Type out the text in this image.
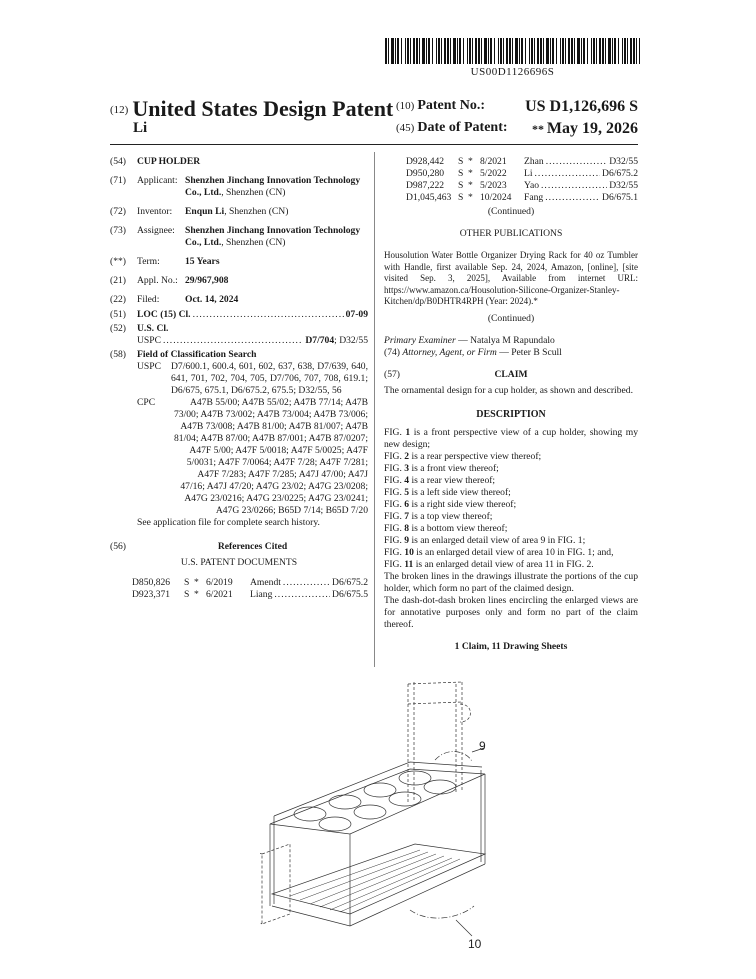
US00D1126696S
(12) United States Design Patent
Li
(10) Patent No.:	US D1,126,696 S
(45) Date of Patent: ** May 19, 2026
(54)	CUP HOLDER
(71)	Applicant: Shenzhen Jinchang Innovation Technology Co., Ltd., Shenzhen (CN)
(72)	Inventor:	Enqun Li, Shenzhen (CN)
(73)	Assignee:	Shenzhen Jinchang Innovation Technology Co., Ltd., Shenzhen (CN)
(**)	Term:	15 Years
(21)	Appl. No.: 29/967,908
(22)	Filed:	Oct. 14, 2024
(51)	LOC (15) Cl. .....	07-09
(52)	U.S. Cl.
USPC .....	D7/704; D32/55
(58)	Field of Classification Search
USPC	D7/600.1, 600.4, 601, 602, 637, 638, D7/639, 640, 641, 701, 702, 704, 705, D7/706, 707, 708, 619.1; D6/675, 675.1, D6/675.2, 675.5; D32/55, 56
CPC	A47B 55/00; A47B 55/02; A47B 77/14; A47B 73/00; A47B 73/002; A47B 73/004; A47B 73/006; A47B 73/008; A47B 81/00; A47B 81/007; A47B 81/04; A47B 87/00; A47B 87/001; A47B 87/0207; A47F 5/00; A47F 5/0018; A47F 5/0025; A47F 5/0031; A47F 7/0064; A47F 7/28; A47F 7/281; A47F 7/283; A47F 7/285; A47J 47/00; A47J 47/16; A47J 47/20; A47G 23/02; A47G 23/0208; A47G 23/0216; A47G 23/0225; A47G 23/0241; A47G 23/0266; B65D 7/14; B65D 7/20
See application file for complete search history.
(56)	References Cited
U.S. PATENT DOCUMENTS
D850,826	S * 6/2019	Amendt .....	D6/675.2
D923,371	S * 6/2021	Liang .....	D6/675.5
D928,442	S * 8/2021	Zhan .....	D32/55
D950,280	S * 5/2022	Li .....	D6/675.2
D987,222	S * 5/2023	Yao .....	D32/55
D1,045,463 S * 10/2024	Fang .....	D6/675.1
(Continued)
OTHER PUBLICATIONS
Housolution Water Bottle Organizer Drying Rack for 40 oz Tumbler with Handle, first available Sep. 24, 2024, Amazon, [online], [site visited Sep. 3, 2025], Available from internet URL: https://www.amazon.ca/Housolution-Silicone-Organizer-Stanley-Kitchen/dp/B0DHTR4RPH (Year: 2024).*
(Continued)
Primary Examiner — Natalya M Rapundalo
(74) Attorney, Agent, or Firm — Peter B Scull
(57)	CLAIM
The ornamental design for a cup holder, as shown and described.
DESCRIPTION
FIG. 1 is a front perspective view of a cup holder, showing my new design;
FIG. 2 is a rear perspective view thereof;
FIG. 3 is a front view thereof;
FIG. 4 is a rear view thereof;
FIG. 5 is a left side view thereof;
FIG. 6 is a right side view thereof;
FIG. 7 is a top view thereof;
FIG. 8 is a bottom view thereof;
FIG. 9 is an enlarged detail view of area 9 in FIG. 1;
FIG. 10 is an enlarged detail view of area 10 in FIG. 1; and,
FIG. 11 is an enlarged detail view of area 11 in FIG. 2.
The broken lines in the drawings illustrate the portions of the cup holder, which form no part of the claimed design.
The dash-dot-dash broken lines encircling the enlarged views are for annotative purposes only and form no part of the claim thereof.
1 Claim, 11 Drawing Sheets
9
10
